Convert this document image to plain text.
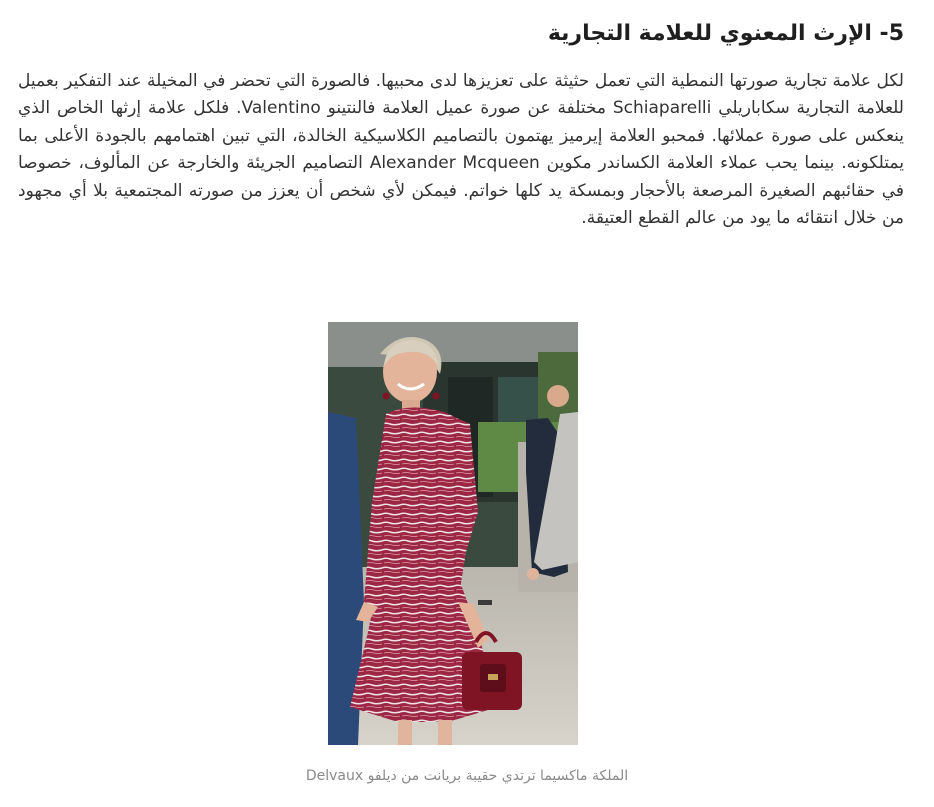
5- الإرث المعنوي للعلامة التجارية

لكل علامة تجارية صورتها النمطية التي تعمل حثيثة على تعزيزها لدى محبيها. فالصورة التي تحضر في المخيلة عند التفكير بعميل للعلامة التجارية سكاباريلي Schiaparelli مختلفة عن صورة عميل العلامة فالنتينو Valentino. فلكل علامة إرثها الخاص الذي ينعكس على صورة عملائها. فمحبو العلامة إيرميز يهتمون بالتصاميم الكلاسيكية الخالدة، التي تبين اهتمامهم بالجودة الأعلى بما يمتلكونه. بينما يحب عملاء العلامة الكساندر مكوين Alexander Mcqueen التصاميم الجريئة والخارجة عن المألوف، خصوصا في حقائبهم الصغيرة المرصعة بالأحجار وبمسكة يد كلها خواتم. فيمكن لأي شخص أن يعزز من صورته المجتمعية بلا أي مجهود من خلال انتقائه ما يود من عالم القطع العتيقة.

الملكة ماكسيما ترتدي حقيبة بريانت من ديلفو Delvaux
